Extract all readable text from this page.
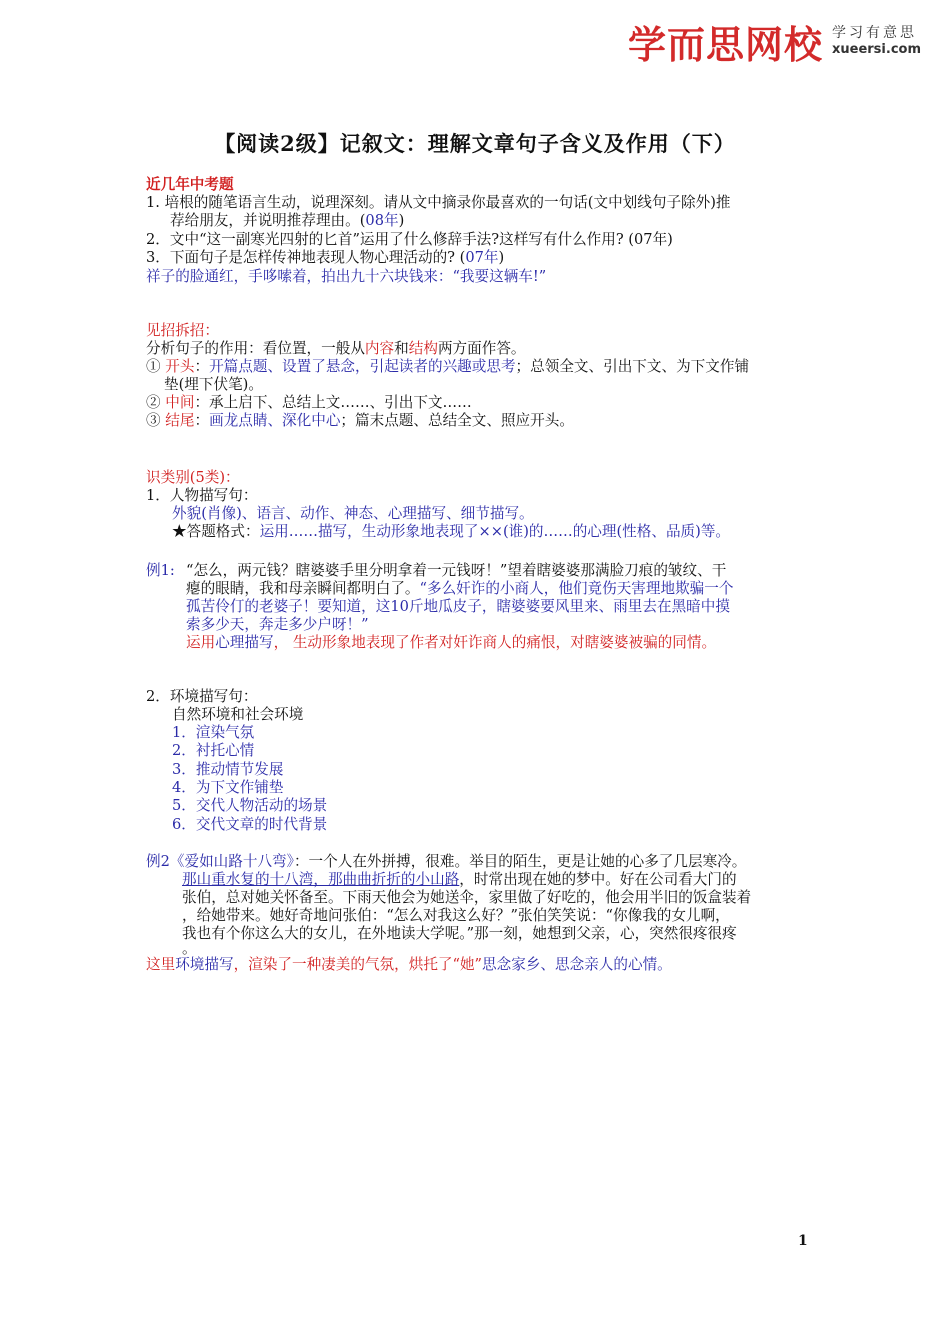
学而思网校 学习有意思
xueersi.com
【阅读2级】记叙文：理解文章句子含义及作用（下）
近几年中考题
1. 培根的随笔语言生动，说理深刻。请从文中摘录你最喜欢的一句话(文中划线句子除外)推
荐给朋友，并说明推荐理由。(08年)
2．文中“这一副寒光四射的匕首”运用了什么修辞手法?这样写有什么作用? (07年)
3．下面句子是怎样传神地表现人物心理活动的? (07年)
祥子的脸通红，手哆嗦着，拍出九十六块钱来：“我要这辆车!”
见招拆招：
分析句子的作用：看位置，一般从内容和结构两方面作答。
① 开头：开篇点题、设置了悬念，引起读者的兴趣或思考；总领全文、引出下文、为下文作铺
垫(埋下伏笔)。
② 中间：承上启下、总结上文……、引出下文……
③ 结尾：画龙点睛、深化中心；篇末点题、总结全文、照应开头。
识类别(5类)：
1．人物描写句：
外貌(肖像)、语言、动作、神态、心理描写、细节描写。
★答题格式：运用……描写，生动形象地表现了××(谁)的……的心理(性格、品质)等。
例1: “怎么，两元钱？瞎婆婆手里分明拿着一元钱呀！”望着瞎婆婆那满脸刀痕的皱纹、干
瘪的眼睛，我和母亲瞬间都明白了。“多么奸诈的小商人，他们竟伤天害理地欺骗一个
孤苦伶仃的老婆子！要知道，这10斤地瓜皮子，瞎婆婆要风里来、雨里去在黑暗中摸
索多少天，奔走多少户呀！”
运用心理描写， 生动形象地表现了作者对奸诈商人的痛恨，对瞎婆婆被骗的同情。
2．环境描写句：
自然环境和社会环境
1．渲染气氛
2．衬托心情
3．推动情节发展
4．为下文作铺垫
5．交代人物活动的场景
6．交代文章的时代背景
例2《爱如山路十八弯》：一个人在外拼搏，很难。举目的陌生，更是让她的心多了几层寒冷。
那山重水复的十八湾，那曲曲折折的小山路，时常出现在她的梦中。好在公司看大门的
张伯，总对她关怀备至。下雨天他会为她送伞，家里做了好吃的，他会用半旧的饭盒装着
，给她带来。她好奇地问张伯：“怎么对我这么好？”张伯笑笑说：“你像我的女儿啊，
我也有个你这么大的女儿，在外地读大学呢。”那一刻，她想到父亲，心，突然很疼很疼
。
这里环境描写，渲染了一种凄美的气氛，烘托了“她”思念家乡、思念亲人的心情。
1
